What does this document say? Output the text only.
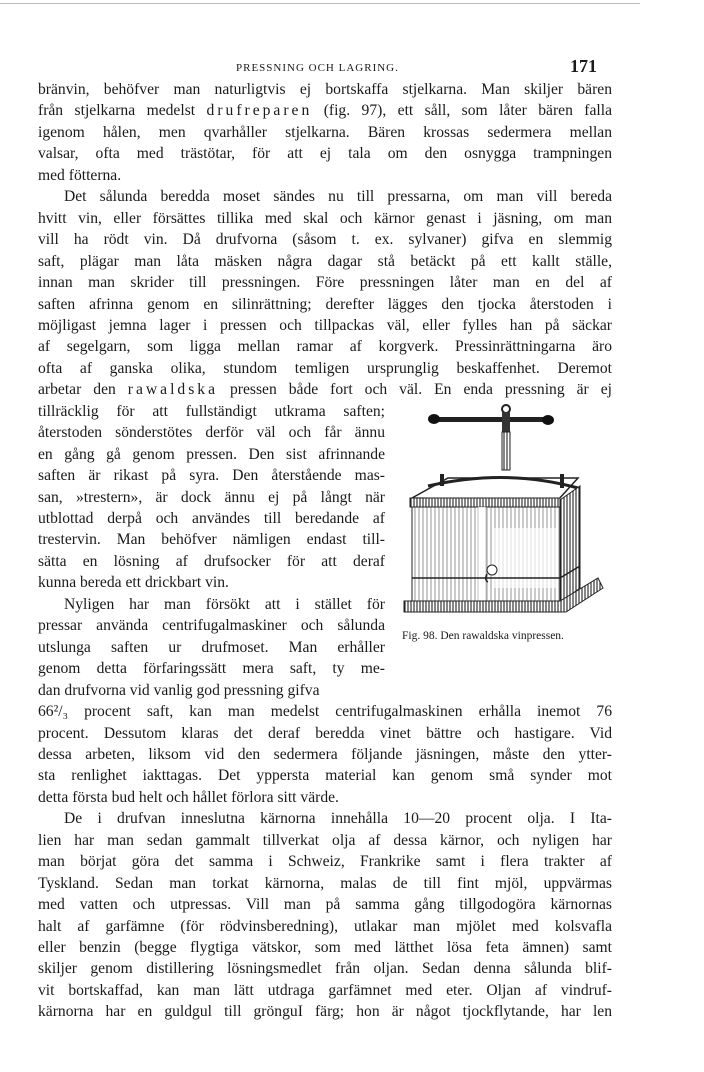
PRESSNING OCH LAGRING.	171
bränvin, behöfver man naturligtvis ej bortskaffa stjelkarna. Man skiljer bären
från stjelkarna medelst drufreparen (fig. 97), ett såll, som låter bären falla
igenom hålen, men qvarhåller stjelkarna. Bären krossas sedermera mellan
valsar, ofta med trästötar, för att ej tala om den osnygga trampningen
med fötterna.
Det sålunda beredda moset sändes nu till pressarna, om man vill bereda
hvitt vin, eller försättes tillika med skal och kärnor genast i jäsning, om man
vill ha rödt vin. Då drufvorna (såsom t. ex. sylvaner) gifva en slemmig
saft, plägar man låta mäsken några dagar stå betäckt på ett kallt ställe,
innan man skrider till pressningen. Före pressningen låter man en del af
saften afrinna genom en silinrättning; derefter lägges den tjocka återstoden i
möjligast jemna lager i pressen och tillpackas väl, eller fylles han på säckar
af segelgarn, som ligga mellan ramar af korgverk. Pressinrättningarna äro
ofta af ganska olika, stundom temligen ursprunglig beskaffenhet. Deremot
arbetar den rawaldska pressen både fort och väl. En enda pressning är ej
tillräcklig för att fullständigt utkrama saften;
återstoden sönderstötes derför väl och får ännu
en gång gå genom pressen. Den sist afrinnande
saften är rikast på syra. Den återstående mas-
san, »trestern», är dock ännu ej på långt när
utblottad derpå och användes till beredande af
trestervin. Man behöfver nämligen endast till-
sätta en lösning af drufsocker för att deraf
kunna bereda ett drickbart vin.
Nyligen har man försökt att i stället för
pressar använda centrifugalmaskiner och sålunda
utslunga saften ur drufmoset. Man erhåller
genom detta förfaringssätt mera saft, ty me-
dan drufvorna vid vanlig god pressning gifva
66²/₃ procent saft, kan man medelst centrifugalmaskinen erhålla inemot 76
procent. Dessutom klaras det deraf beredda vinet bättre och hastigare. Vid
dessa arbeten, liksom vid den sedermera följande jäsningen, måste den ytter-
sta renlighet iakttagas. Det yppersta material kan genom små synder mot
detta första bud helt och hållet förlora sitt värde.
De i drufvan inneslutna kärnorna innehålla 10—20 procent olja. I Ita-
lien har man sedan gammalt tillverkat olja af dessa kärnor, och nyligen har
man börjat göra det samma i Schweiz, Frankrike samt i flera trakter af
Tyskland. Sedan man torkat kärnorna, malas de till fint mjöl, uppvärmas
med vatten och utpressas. Vill man på samma gång tillgodogöra kärnornas
halt af garfämne (för rödvinsberedning), utlakar man mjölet med kolsvafla
eller benzin (begge flygtiga vätskor, som med lätthet lösa feta ämnen) samt
skiljer genom distillering lösningsmedlet från oljan. Sedan denna sålunda blif-
vit bortskaffad, kan man lätt utdraga garfämnet med eter. Oljan af vindruf-
kärnorna har en guldgul till grönguI färg; hon är något tjockflytande, har len
Fig. 98. Den rawaldska vinpressen.
